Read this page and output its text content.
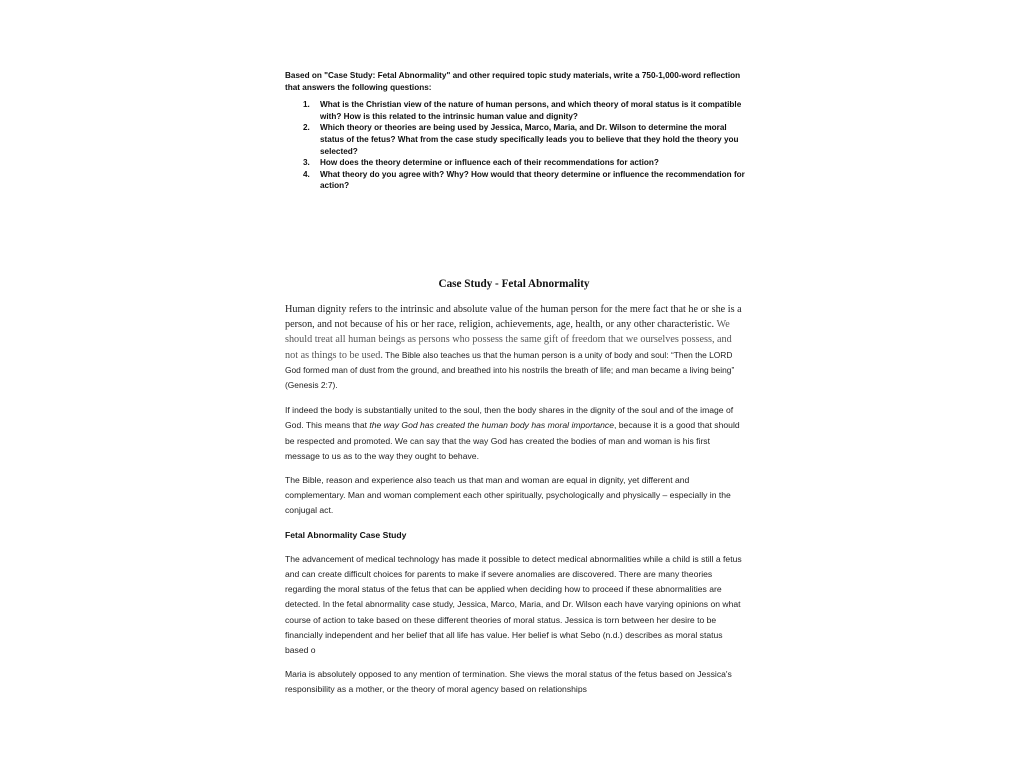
Based on "Case Study: Fetal Abnormality" and other required topic study materials, write a 750-1,000-word reflection that answers the following questions:

1. What is the Christian view of the nature of human persons, and which theory of moral status is it compatible with? How is this related to the intrinsic human value and dignity?
2. Which theory or theories are being used by Jessica, Marco, Maria, and Dr. Wilson to determine the moral status of the fetus? What from the case study specifically leads you to believe that they hold the theory you selected?
3. How does the theory determine or influence each of their recommendations for action?
4. What theory do you agree with? Why? How would that theory determine or influence the recommendation for action?
Case Study - Fetal Abnormality

Human dignity refers to the intrinsic and absolute value of the human person for the mere fact that he or she is a person, and not because of his or her race, religion, achievements, age, health, or any other characteristic. We should treat all human beings as persons who possess the same gift of freedom that we ourselves possess, and not as things to be used. The Bible also teaches us that the human person is a unity of body and soul: “Then the LORD God formed man of dust from the ground, and breathed into his nostrils the breath of life; and man became a living being” (Genesis 2:7).

If indeed the body is substantially united to the soul, then the body shares in the dignity of the soul and of the image of God. This means that the way God has created the human body has moral importance, because it is a good that should be respected and promoted. We can say that the way God has created the bodies of man and woman is his first message to us as to the way they ought to behave.

The Bible, reason and experience also teach us that man and woman are equal in dignity, yet different and complementary. Man and woman complement each other spiritually, psychologically and physically – especially in the conjugal act.

Fetal Abnormality Case Study

The advancement of medical technology has made it possible to detect medical abnormalities while a child is still a fetus and can create difficult choices for parents to make if severe anomalies are discovered. There are many theories regarding the moral status of the fetus that can be applied when deciding how to proceed if these abnormalities are detected. In the fetal abnormality case study, Jessica, Marco, Maria, and Dr. Wilson each have varying opinions on what course of action to take based on these different theories of moral status. Jessica is torn between her desire to be financially independent and her belief that all life has value. Her belief is what Sebo (n.d.) describes as moral status based o

Maria is absolutely opposed to any mention of termination. She views the moral status of the fetus based on Jessica's responsibility as a mother, or the theory of moral agency based on relationships
